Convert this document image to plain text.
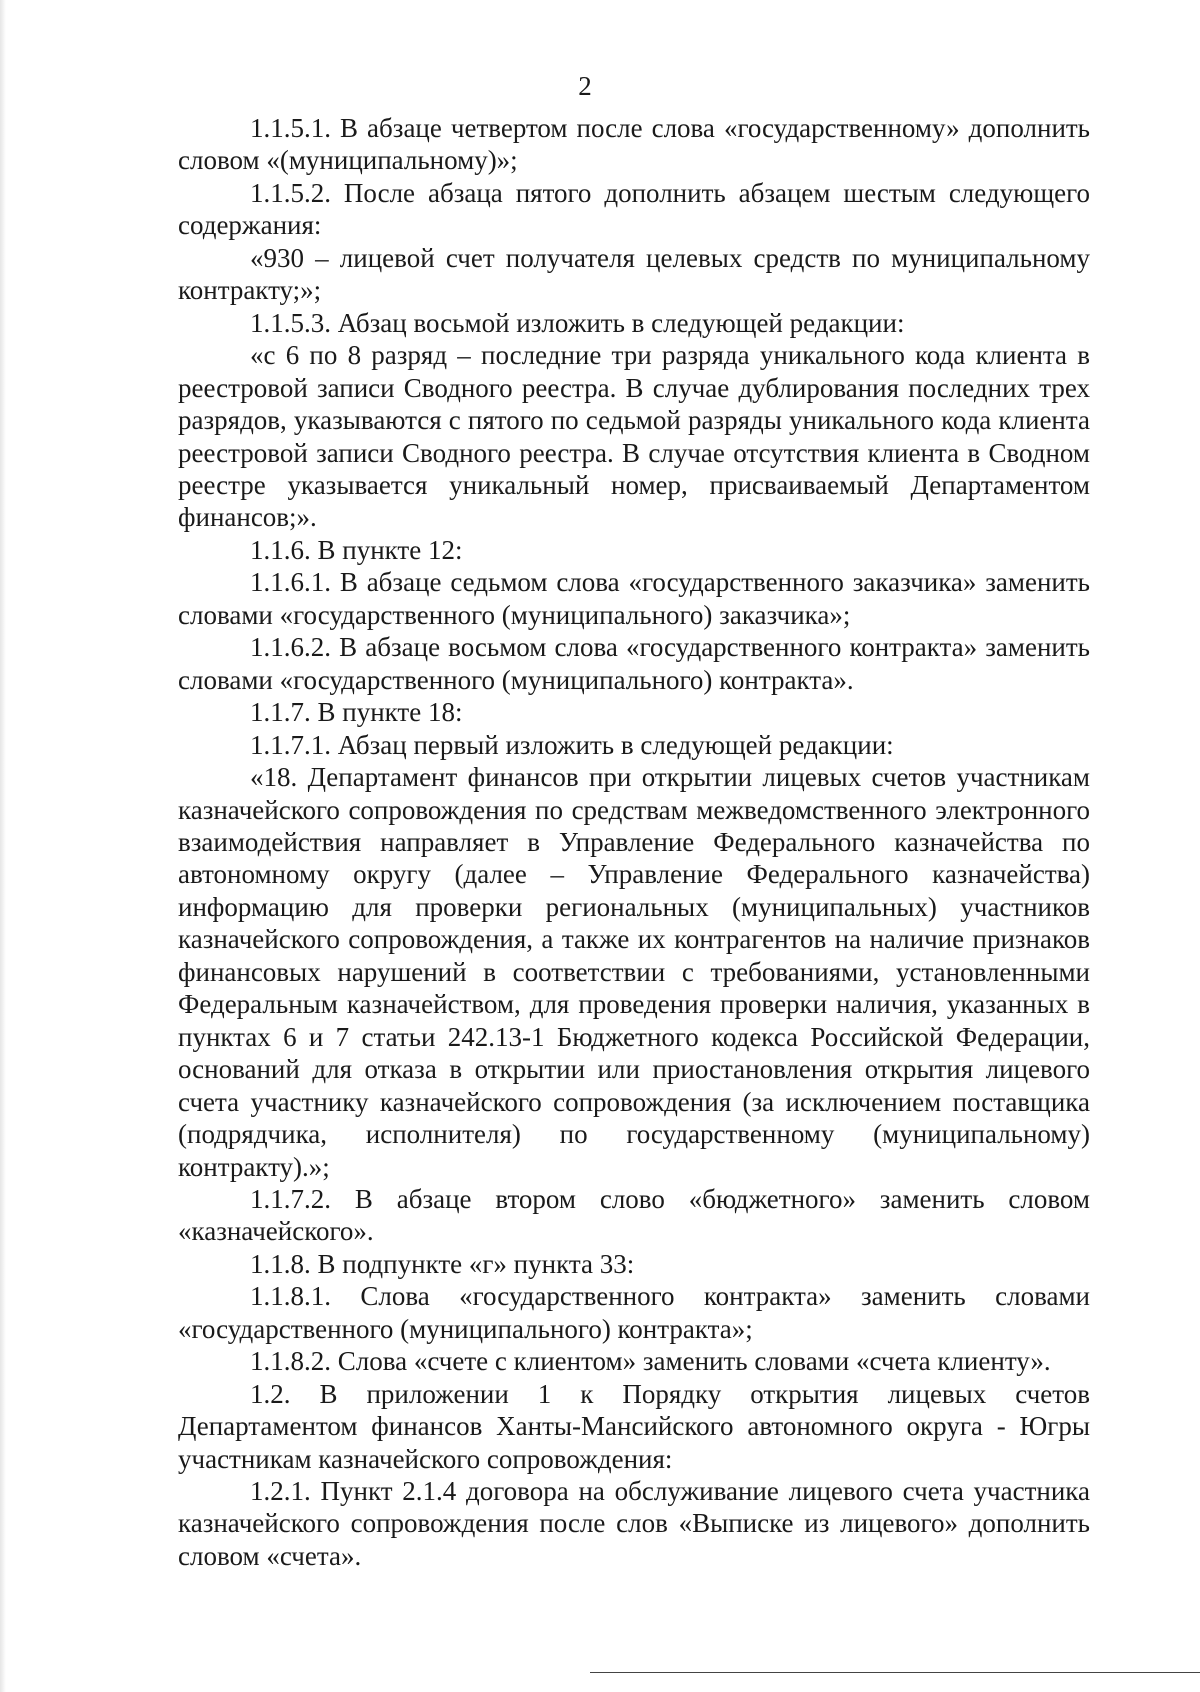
2

1.1.5.1. В абзаце четвертом после слова «государственному» дополнить словом «(муниципальному)»;

1.1.5.2. После абзаца пятого дополнить абзацем шестым следующего содержания:

«930 – лицевой счет получателя целевых средств по муниципальному контракту;»;

1.1.5.3. Абзац восьмой изложить в следующей редакции:

«с 6 по 8 разряд – последние три разряда уникального кода клиента в реестровой записи Сводного реестра. В случае дублирования последних трех разрядов, указываются с пятого по седьмой разряды уникального кода клиента реестровой записи Сводного реестра. В случае отсутствия клиента в Сводном реестре указывается уникальный номер, присваиваемый Департаментом финансов;».

1.1.6. В пункте 12:

1.1.6.1. В абзаце седьмом слова «государственного заказчика» заменить словами «государственного (муниципального) заказчика»;

1.1.6.2. В абзаце восьмом слова «государственного контракта» заменить словами «государственного (муниципального) контракта».

1.1.7. В пункте 18:

1.1.7.1. Абзац первый изложить в следующей редакции:

«18. Департамент финансов при открытии лицевых счетов участникам казначейского сопровождения по средствам межведомственного электронного взаимодействия направляет в Управление Федерального казначейства по автономному округу (далее – Управление Федерального казначейства) информацию для проверки региональных (муниципальных) участников казначейского сопровождения, а также их контрагентов на наличие признаков финансовых нарушений в соответствии с требованиями, установленными Федеральным казначейством, для проведения проверки наличия, указанных в пунктах 6 и 7 статьи 242.13-1 Бюджетного кодекса Российской Федерации, оснований для отказа в открытии или приостановления открытия лицевого счета участнику казначейского сопровождения (за исключением поставщика (подрядчика, исполнителя) по государственному (муниципальному) контракту).»;

1.1.7.2. В абзаце втором слово «бюджетного» заменить словом «казначейского».

1.1.8. В подпункте «г» пункта 33:

1.1.8.1. Слова «государственного контракта» заменить словами «государственного (муниципального) контракта»;

1.1.8.2. Слова «счете с клиентом» заменить словами «счета клиенту».

1.2. В приложении 1 к Порядку открытия лицевых счетов Департаментом финансов Ханты-Мансийского автономного округа - Югры участникам казначейского сопровождения:

1.2.1. Пункт 2.1.4 договора на обслуживание лицевого счета участника казначейского сопровождения после слов «Выписке из лицевого» дополнить словом «счета».
